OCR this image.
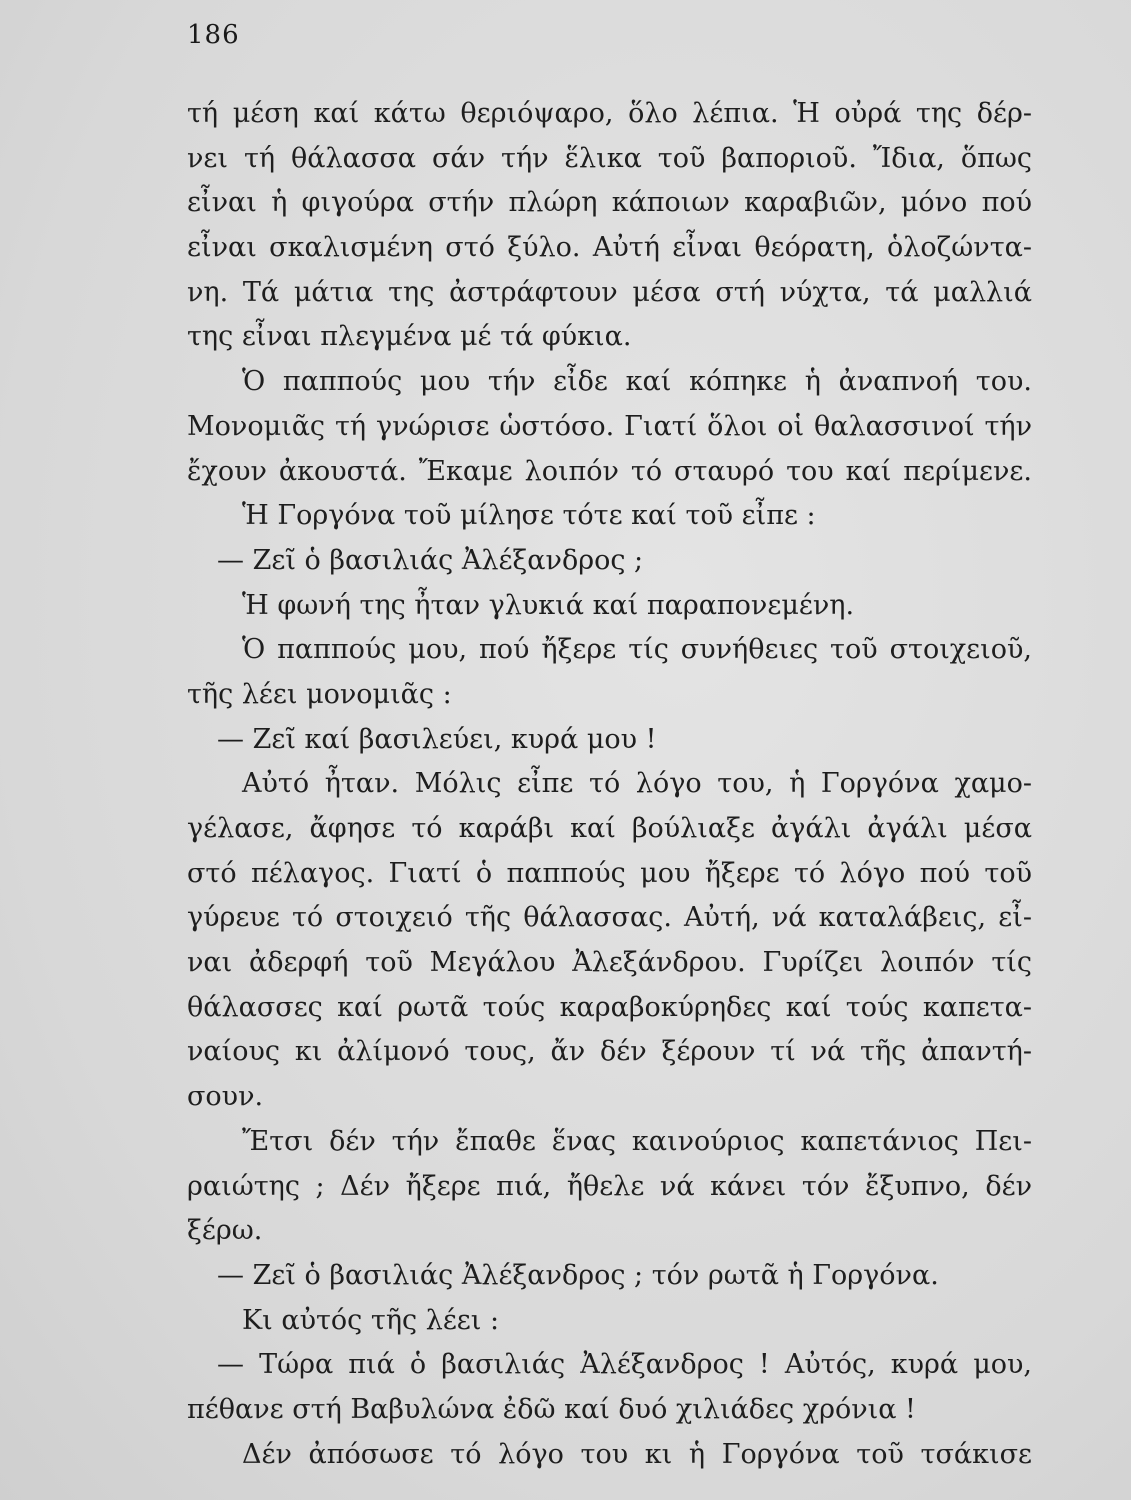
186
τή μέση καί κάτω θεριόψαρο, ὅλο λέπια. Ἡ οὐρά της δέρ-
νει τή θάλασσα σάν τήν ἕλικα τοῦ βαποριοῦ. Ἴδια, ὅπως
εἶναι ἡ φιγούρα στήν πλώρη κάποιων καραβιῶν, μόνο πού
εἶναι σκαλισμένη στό ξύλο. Αὐτή εἶναι θεόρατη, ὁλοζώντα-
νη. Τά μάτια της ἀστράφτουν μέσα στή νύχτα, τά μαλλιά
της εἶναι πλεγμένα μέ τά φύκια.
Ὁ παππούς μου τήν εἶδε καί κόπηκε ἡ ἀναπνοή του.
Μονομιᾶς τή γνώρισε ὡστόσο. Γιατί ὅλοι οἱ θαλασσινοί τήν
ἔχουν ἀκουστά. Ἔκαμε λοιπόν τό σταυρό του καί περίμενε.
Ἡ Γοργόνα τοῦ μίλησε τότε καί τοῦ εἶπε :
— Ζεῖ ὁ βασιλιάς Ἀλέξανδρος ;
Ἡ φωνή της ἦταν γλυκιά καί παραπονεμένη.
Ὁ παππούς μου, πού ἤξερε τίς συνήθειες τοῦ στοιχειοῦ,
τῆς λέει μονομιᾶς :
— Ζεῖ καί βασιλεύει, κυρά μου !
Αὐτό ἦταν. Μόλις εἶπε τό λόγο του, ἡ Γοργόνα χαμο-
γέλασε, ἄφησε τό καράβι καί βούλιαξε ἀγάλι ἀγάλι μέσα
στό πέλαγος. Γιατί ὁ παππούς μου ἤξερε τό λόγο πού τοῦ
γύρευε τό στοιχειό τῆς θάλασσας. Αὐτή, νά καταλάβεις, εἶ-
ναι ἀδερφή τοῦ Μεγάλου Ἀλεξάνδρου. Γυρίζει λοιπόν τίς
θάλασσες καί ρωτᾶ τούς καραβοκύρηδες καί τούς καπετα-
ναίους κι ἀλίμονό τους, ἄν δέν ξέρουν τί νά τῆς ἀπαντή-
σουν.
Ἔτσι δέν τήν ἔπαθε ἕνας καινούριος καπετάνιος Πει-
ραιώτης ; Δέν ἤξερε πιά, ἤθελε νά κάνει τόν ἔξυπνο, δέν
ξέρω.
— Ζεῖ ὁ βασιλιάς Ἀλέξανδρος ; τόν ρωτᾶ ἡ Γοργόνα.
Κι αὐτός τῆς λέει :
— Τώρα πιά ὁ βασιλιάς Ἀλέξανδρος ! Αὐτός, κυρά μου,
πέθανε στή Βαβυλώνα ἐδῶ καί δυό χιλιάδες χρόνια !
Δέν ἀπόσωσε τό λόγο του κι ἡ Γοργόνα τοῦ τσάκισε
